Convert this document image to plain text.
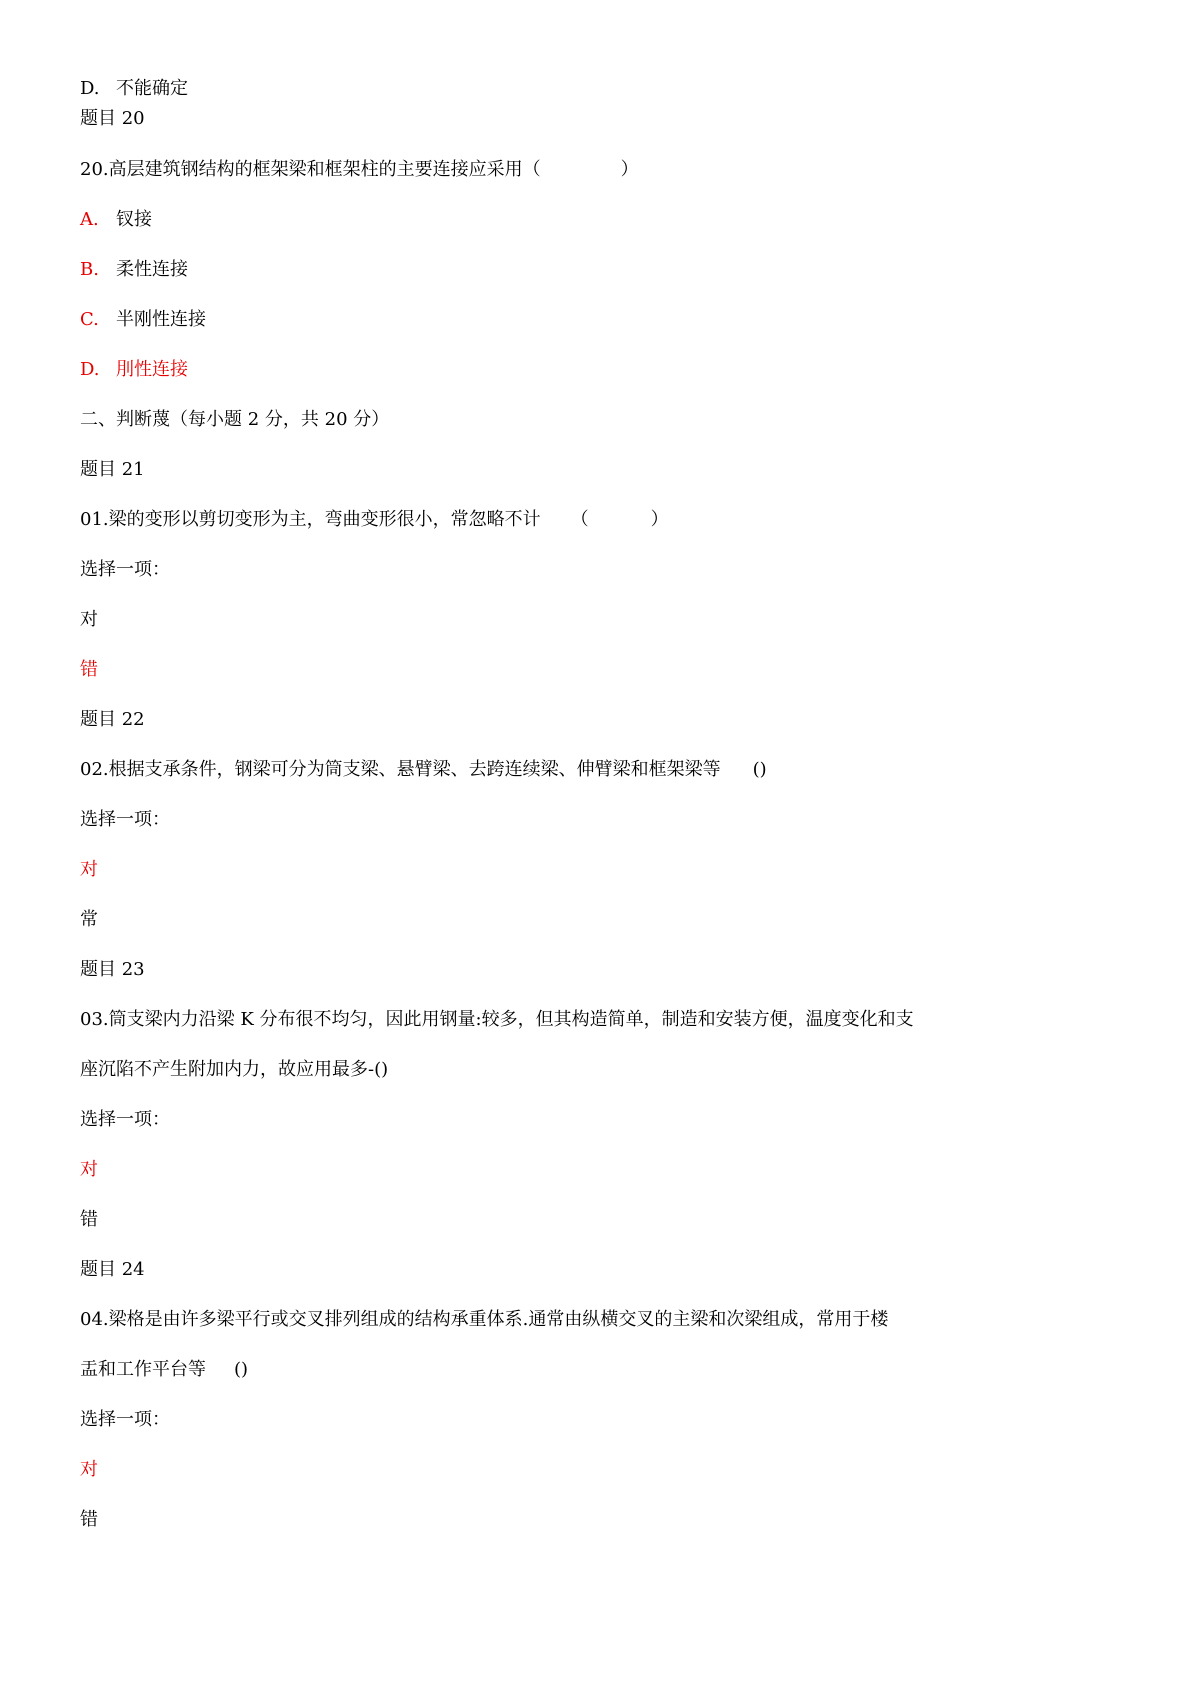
D. 不能确定
题目 20
20.高层建筑钢结构的框架梁和框架柱的主要连接应采用（	）
A. 钗接
B. 柔性连接
C. 半刚性连接
D. 刖性连接
二、判断蔑（每小题 2 分，共 20 分）
题目 21
01.梁的变形以剪切变形为主，弯曲变形很小，常忽略不计 （	）
选择一项：
对
错
题目 22
02.根据支承条件，钢梁可分为筒支梁、悬臂梁、去跨连续梁、伸臂梁和框架梁等 ()
选择一项：
对
常
题目 23
03.筒支梁内力沿梁 K 分布很不均匀，因此用钢量:较多，但其构造简单，制造和安装方便，温度变化和支
座沉陷不产生附加内力，故应用最多-()
选择一项：
对
错
题目 24
04.梁格是由许多梁平行或交叉排列组成的结构承重体系.通常由纵横交叉的主梁和次梁组成，常用于楼
盂和工作平台等 ()
选择一项：
对
错
